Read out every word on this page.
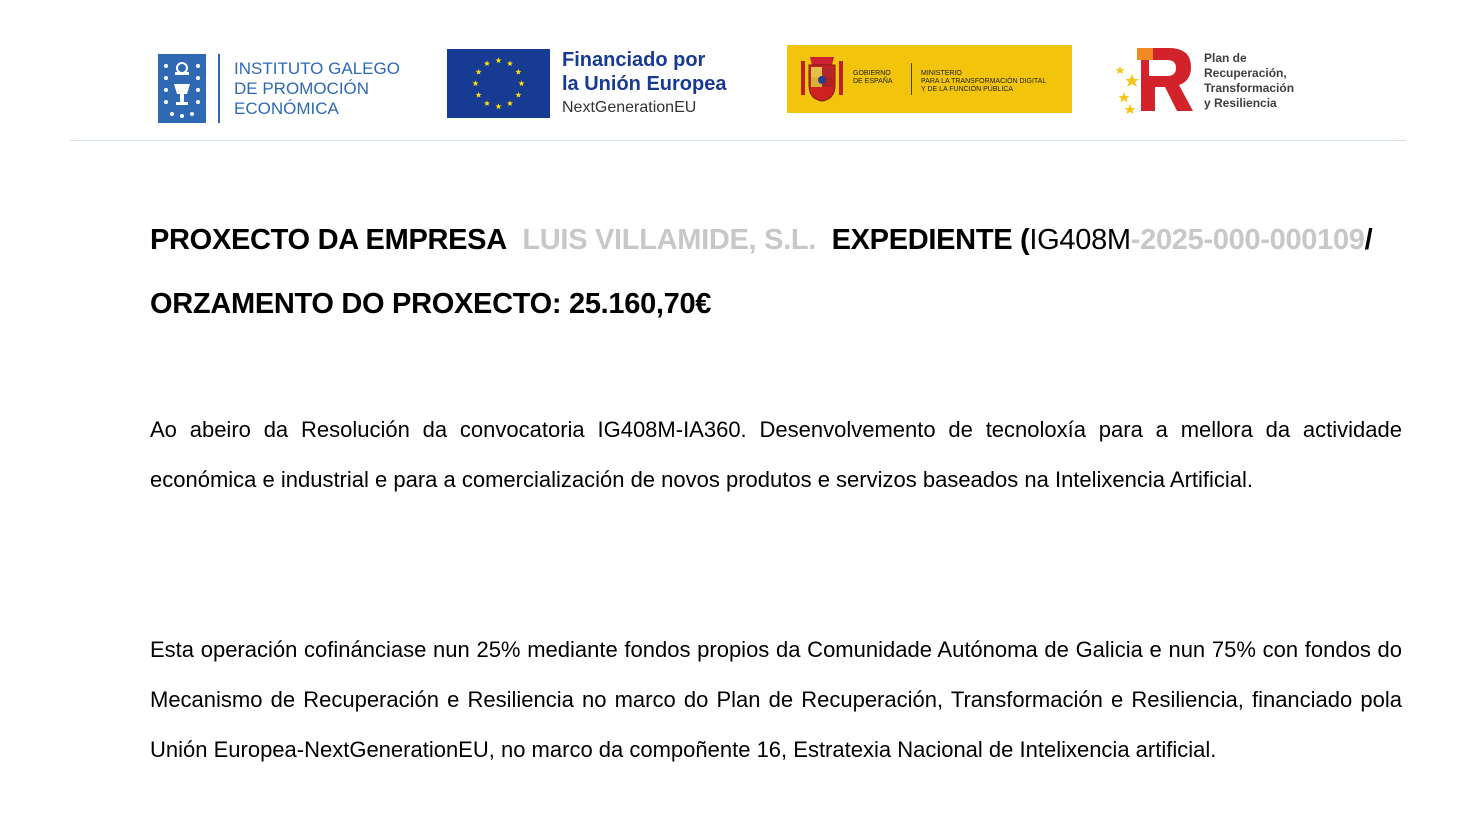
INSTITUTO GALEGO
DE PROMOCIÓN
ECONÓMICA
Financiado por
la Unión Europea
NextGenerationEU
GOBIERNO
DE ESPAÑA
MINISTERIO
PARA LA TRANSFORMACIÓN DIGITAL
Y DE LA FUNCIÓN PÚBLICA
Plan de
Recuperación,
Transformación
y Resiliencia
PROXECTO DA EMPRESA LUIS VILLAMIDE, S.L. EXPEDIENTE (IG408M-2025-000-000109/ ORZAMENTO DO PROXECTO: 25.160,70€
Ao abeiro da Resolución da convocatoria IG408M-IA360. Desenvolvemento de tecnoloxía para a mellora da actividade económica e industrial e para a comercialización de novos produtos e servizos baseados na Intelixencia Artificial.
Esta operación cofinánciase nun 25% mediante fondos propios da Comunidade Autónoma de Galicia e nun 75% con fondos do Mecanismo de Recuperación e Resiliencia no marco do Plan de Recuperación, Transformación e Resiliencia, financiado pola Unión Europea-NextGenerationEU, no marco da compoñente 16, Estratexia Nacional de Intelixencia artificial.
